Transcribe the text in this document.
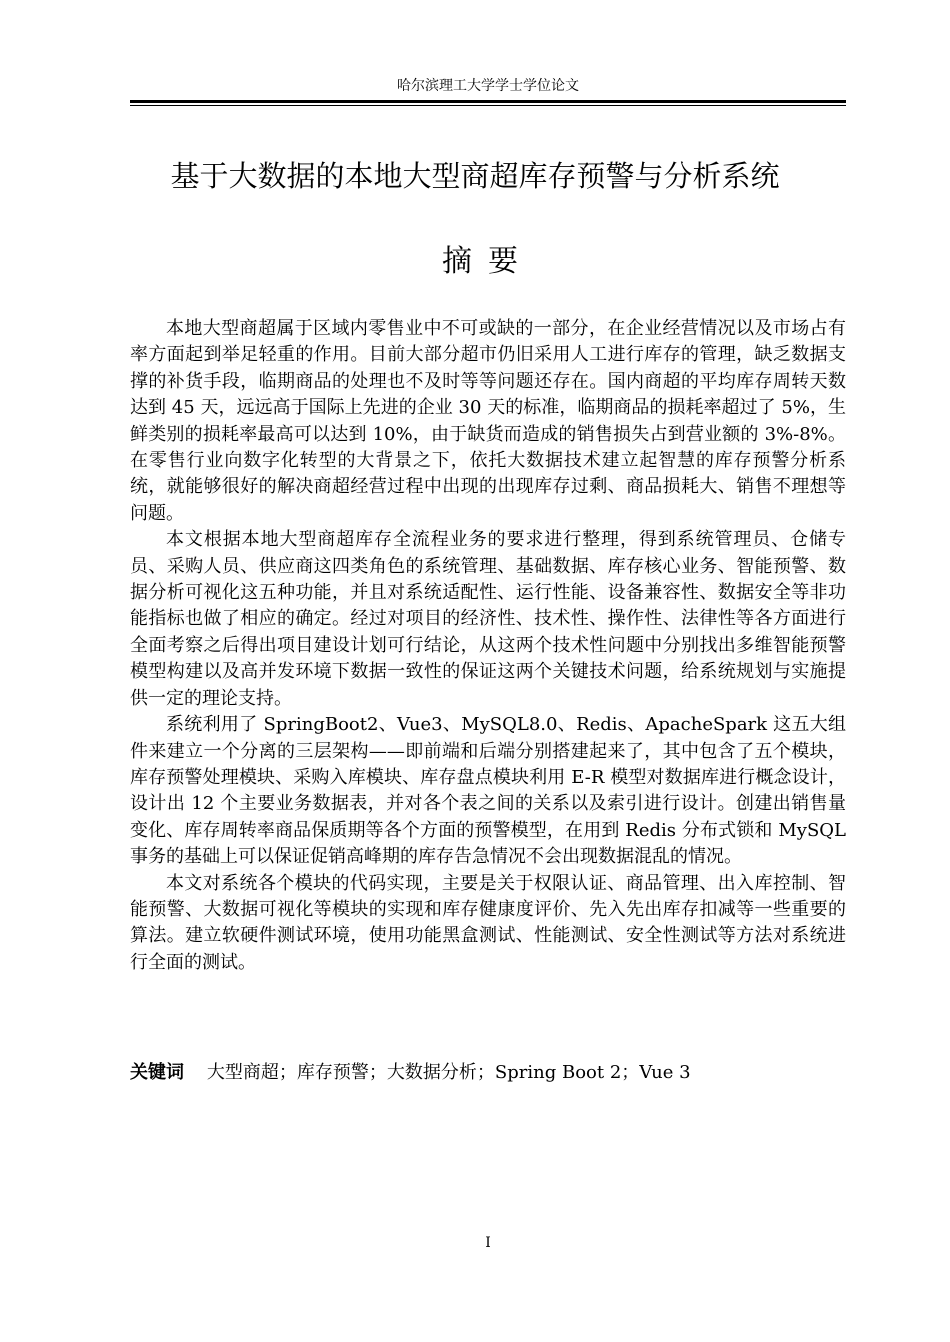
哈尔滨理工大学学士学位论文
基于大数据的本地大型商超库存预警与分析系统
摘要

本地大型商超属于区域内零售业中不可或缺的一部分，在企业经营情况以及市场占有率方面起到举足轻重的作用。目前大部分超市仍旧采用人工进行库存的管理，缺乏数据支撑的补货手段，临期商品的处理也不及时等等问题还存在。国内商超的平均库存周转天数达到 45 天，远远高于国际上先进的企业 30 天的标准，临期商品的损耗率超过了 5%，生鲜类别的损耗率最高可以达到 10%，由于缺货而造成的销售损失占到营业额的 3%-8%。在零售行业向数字化转型的大背景之下，依托大数据技术建立起智慧的库存预警分析系统，就能够很好的解决商超经营过程中出现的出现库存过剩、商品损耗大、销售不理想等问题。

本文根据本地大型商超库存全流程业务的要求进行整理，得到系统管理员、仓储专员、采购人员、供应商这四类角色的系统管理、基础数据、库存核心业务、智能预警、数据分析可视化这五种功能，并且对系统适配性、运行性能、设备兼容性、数据安全等非功能指标也做了相应的确定。经过对项目的经济性、技术性、操作性、法律性等各方面进行全面考察之后得出项目建设计划可行结论，从这两个技术性问题中分别找出多维智能预警模型构建以及高并发环境下数据一致性的保证这两个关键技术问题，给系统规划与实施提供一定的理论支持。

系统利用了 SpringBoot2、Vue3、MySQL8.0、Redis、ApacheSpark 这五大组件来建立一个分离的三层架构——即前端和后端分别搭建起来了，其中包含了五个模块，库存预警处理模块、采购入库模块、库存盘点模块利用 E-R 模型对数据库进行概念设计，设计出 12 个主要业务数据表，并对各个表之间的关系以及索引进行设计。创建出销售量变化、库存周转率商品保质期等各个方面的预警模型，在用到 Redis 分布式锁和 MySQL 事务的基础上可以保证促销高峰期的库存告急情况不会出现数据混乱的情况。

本文对系统各个模块的代码实现，主要是关于权限认证、商品管理、出入库控制、智能预警、大数据可视化等模块的实现和库存健康度评价、先入先出库存扣减等一些重要的算法。建立软硬件测试环境，使用功能黑盒测试、性能测试、安全性测试等方法对系统进行全面的测试。

关键词 大型商超；库存预警；大数据分析；Spring Boot 2；Vue 3
I
